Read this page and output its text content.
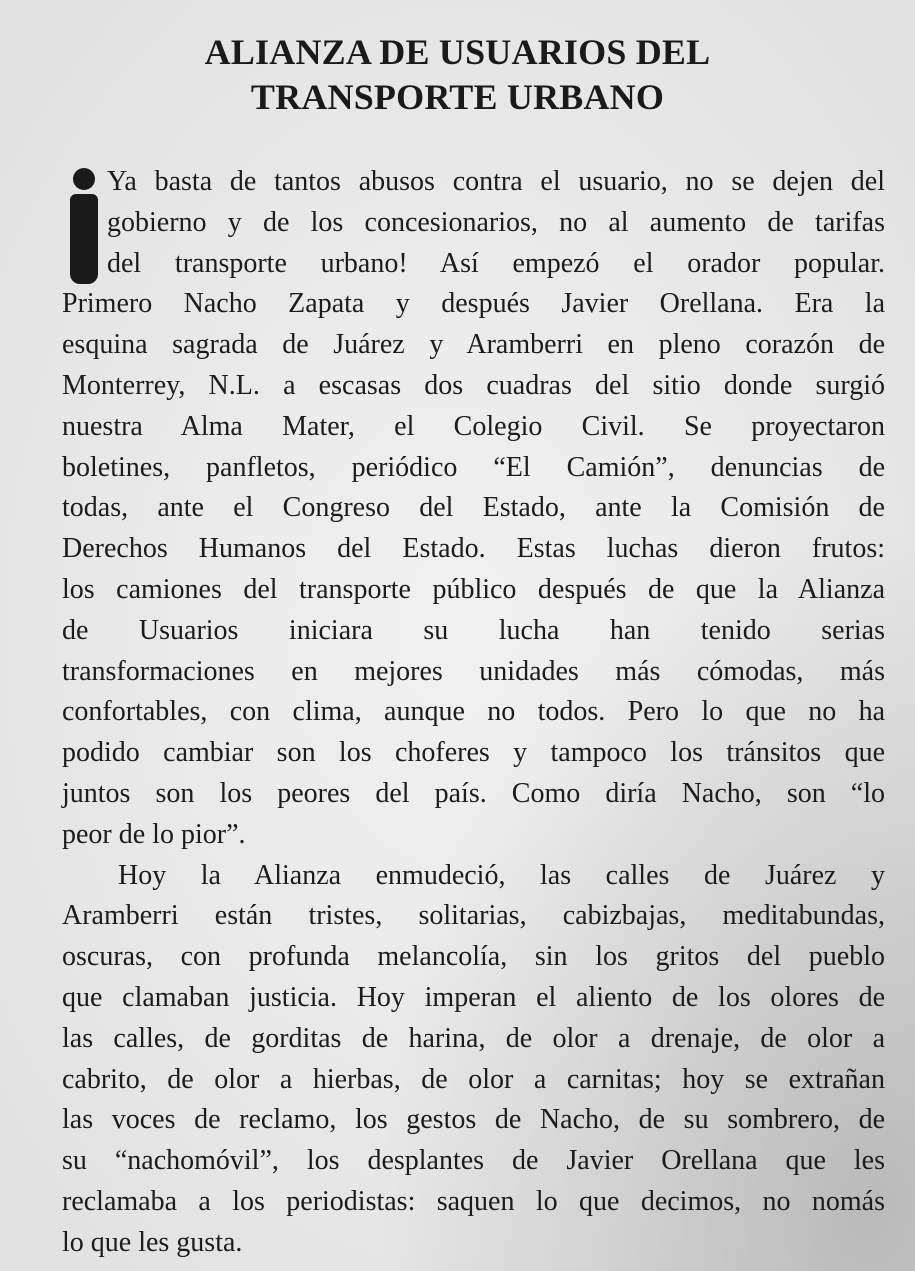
ALIANZA DE USUARIOS DEL
TRANSPORTE URBANO
Ya basta de tantos abusos contra el usuario, no se dejen del
gobierno y de los concesionarios, no al aumento de tarifas
del transporte urbano! Así empezó el orador popular.
Primero Nacho Zapata y después Javier Orellana. Era la
esquina sagrada de Juárez y Aramberri en pleno corazón de
Monterrey, N.L. a escasas dos cuadras del sitio donde surgió
nuestra Alma Mater, el Colegio Civil. Se proyectaron
boletines, panfletos, periódico “El Camión”, denuncias de
todas, ante el Congreso del Estado, ante la Comisión de
Derechos Humanos del Estado. Estas luchas dieron frutos:
los camiones del transporte público después de que la Alianza
de Usuarios iniciara su lucha han tenido serias
transformaciones en mejores unidades más cómodas, más
confortables, con clima, aunque no todos. Pero lo que no ha
podido cambiar son los choferes y tampoco los tránsitos que
juntos son los peores del país. Como diría Nacho, son “lo
peor de lo pior”.
Hoy la Alianza enmudeció, las calles de Juárez y
Aramberri están tristes, solitarias, cabizbajas, meditabundas,
oscuras, con profunda melancolía, sin los gritos del pueblo
que clamaban justicia. Hoy imperan el aliento de los olores de
las calles, de gorditas de harina, de olor a drenaje, de olor a
cabrito, de olor a hierbas, de olor a carnitas; hoy se extrañan
las voces de reclamo, los gestos de Nacho, de su sombrero, de
su “nachomóvil”, los desplantes de Javier Orellana que les
reclamaba a los periodistas: saquen lo que decimos, no nomás
lo que les gusta.
